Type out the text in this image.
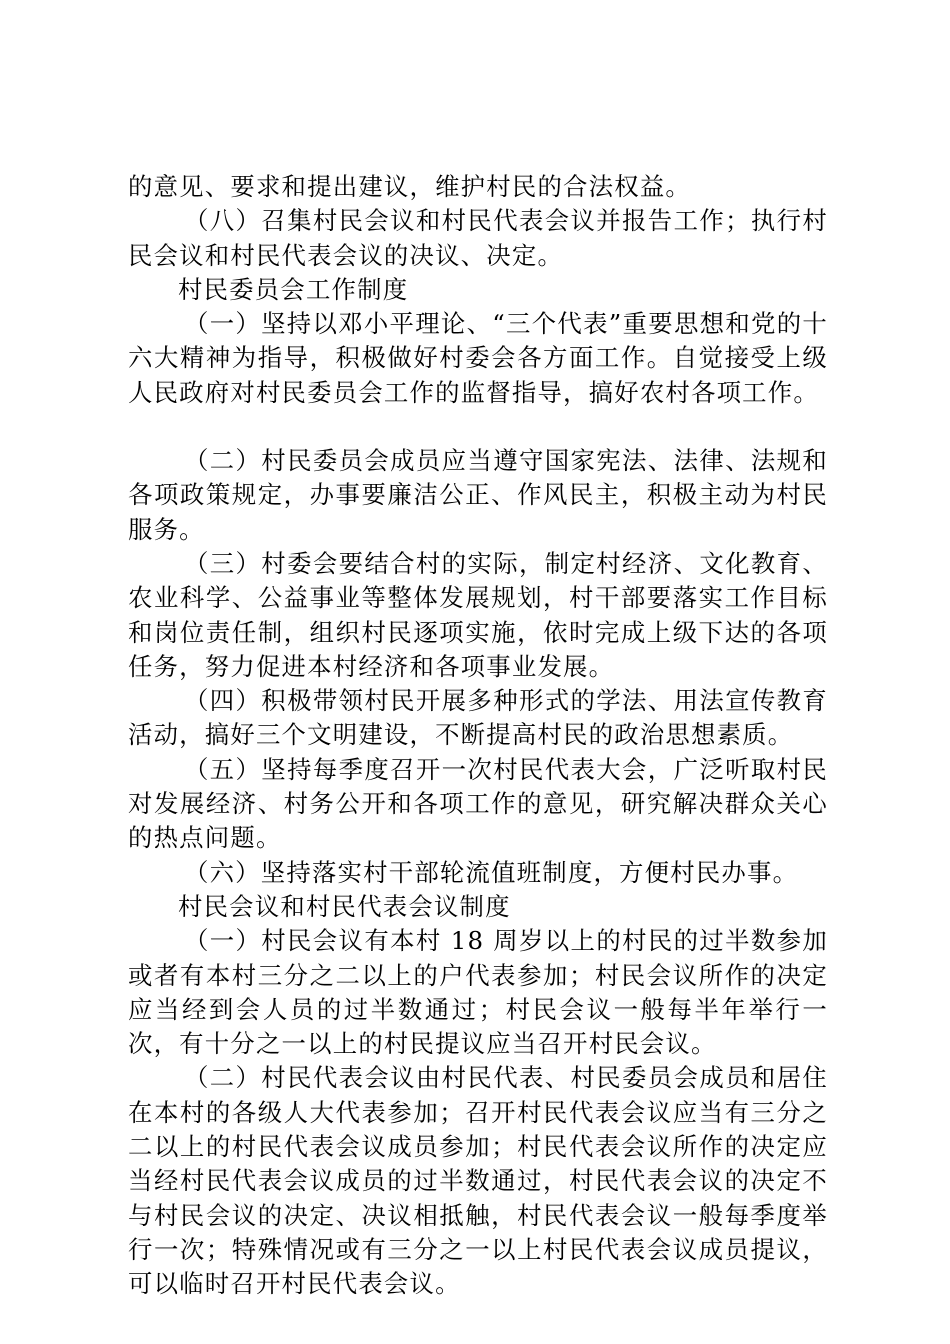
的意见、要求和提出建议，维护村民的合法权益。

（八）召集村民会议和村民代表会议并报告工作；执行村民会议和村民代表会议的决议、决定。

村民委员会工作制度

（一）坚持以邓小平理论、“三个代表”重要思想和党的十六大精神为指导，积极做好村委会各方面工作。自觉接受上级人民政府对村民委员会工作的监督指导，搞好农村各项工作。

（二）村民委员会成员应当遵守国家宪法、法律、法规和各项政策规定，办事要廉洁公正、作风民主，积极主动为村民服务。

（三）村委会要结合村的实际，制定村经济、文化教育、农业科学、公益事业等整体发展规划，村干部要落实工作目标和岗位责任制，组织村民逐项实施，依时完成上级下达的各项任务，努力促进本村经济和各项事业发展。

（四）积极带领村民开展多种形式的学法、用法宣传教育活动，搞好三个文明建设，不断提高村民的政治思想素质。

（五）坚持每季度召开一次村民代表大会，广泛听取村民对发展经济、村务公开和各项工作的意见，研究解决群众关心的热点问题。

（六）坚持落实村干部轮流值班制度，方便村民办事。

村民会议和村民代表会议制度

（一）村民会议有本村 18 周岁以上的村民的过半数参加或者有本村三分之二以上的户代表参加；村民会议所作的决定应当经到会人员的过半数通过；村民会议一般每半年举行一次，有十分之一以上的村民提议应当召开村民会议。

（二）村民代表会议由村民代表、村民委员会成员和居住在本村的各级人大代表参加；召开村民代表会议应当有三分之二以上的村民代表会议成员参加；村民代表会议所作的决定应当经村民代表会议成员的过半数通过，村民代表会议的决定不与村民会议的决定、决议相抵触，村民代表会议一般每季度举行一次；特殊情况或有三分之一以上村民代表会议成员提议，可以临时召开村民代表会议。
